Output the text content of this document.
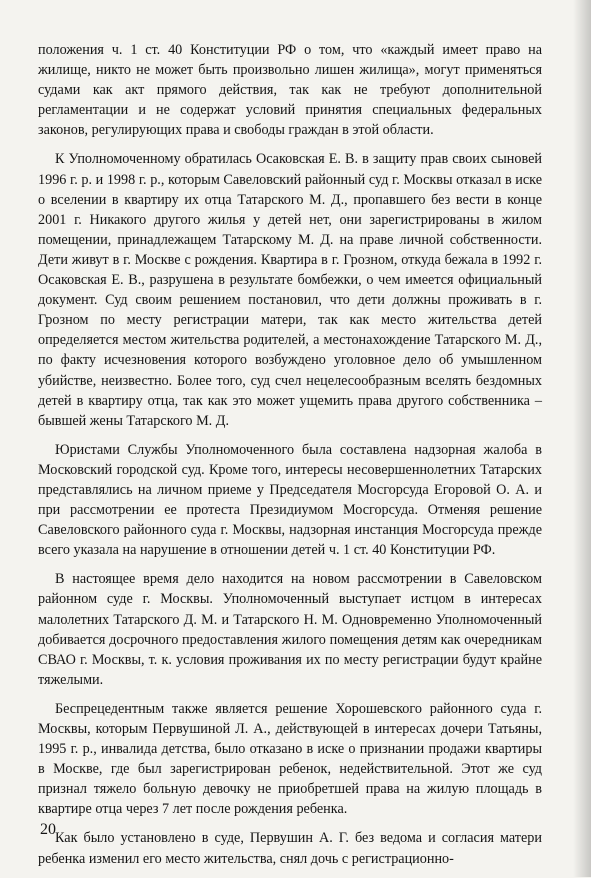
положения ч. 1 ст. 40 Конституции РФ о том, что «каждый имеет право на жилище, никто не может быть произвольно лишен жилища», могут применяться судами как акт прямого действия, так как не требуют дополнительной регламентации и не содержат условий принятия специальных федеральных законов, регулирующих права и свободы граждан в этой области.

К Уполномоченному обратилась Осаковская Е. В. в защиту прав своих сыновей 1996 г. р. и 1998 г. р., которым Савеловский районный суд г. Москвы отказал в иске о вселении в квартиру их отца Татарского М. Д., пропавшего без вести в конце 2001 г. Никакого другого жилья у детей нет, они зарегистрированы в жилом помещении, принадлежащем Татарскому М. Д. на праве личной собственности. Дети живут в г. Москве с рождения. Квартира в г. Грозном, откуда бежала в 1992 г. Осаковская Е. В., разрушена в результате бомбежки, о чем имеется официальный документ. Суд своим решением постановил, что дети должны проживать в г. Грозном по месту регистрации матери, так как место жительства детей определяется местом жительства родителей, а местонахождение Татарского М. Д., по факту исчезновения которого возбуждено уголовное дело об умышленном убийстве, неизвестно. Более того, суд счел нецелесообразным вселять бездомных детей в квартиру отца, так как это может ущемить права другого собственника – бывшей жены Татарского М. Д.

Юристами Службы Уполномоченного была составлена надзорная жалоба в Московский городской суд. Кроме того, интересы несовершеннолетних Татарских представлялись на личном приеме у Председателя Мосгорсуда Егоровой О. А. и при рассмотрении ее протеста Президиумом Мосгорсуда. Отменяя решение Савеловского районного суда г. Москвы, надзорная инстанция Мосгорсуда прежде всего указала на нарушение в отношении детей ч. 1 ст. 40 Конституции РФ.

В настоящее время дело находится на новом рассмотрении в Савеловском районном суде г. Москвы. Уполномоченный выступает истцом в интересах малолетних Татарского Д. М. и Татарского Н. М. Одновременно Уполномоченный добивается досрочного предоставления жилого помещения детям как очередникам СВАО г. Москвы, т. к. условия проживания их по месту регистрации будут крайне тяжелыми.

Беспрецедентным также является решение Хорошевского районного суда г. Москвы, которым Первушиной Л. А., действующей в интересах дочери Татьяны, 1995 г. р., инвалида детства, было отказано в иске о признании продажи квартиры в Москве, где был зарегистрирован ребенок, недействительной. Этот же суд признал тяжело больную девочку не приобретшей права на жилую площадь в квартире отца через 7 лет после рождения ребенка.

Как было установлено в суде, Первушин А. Г. без ведома и согласия матери ребенка изменил его место жительства, снял дочь с регистрационно-

20
